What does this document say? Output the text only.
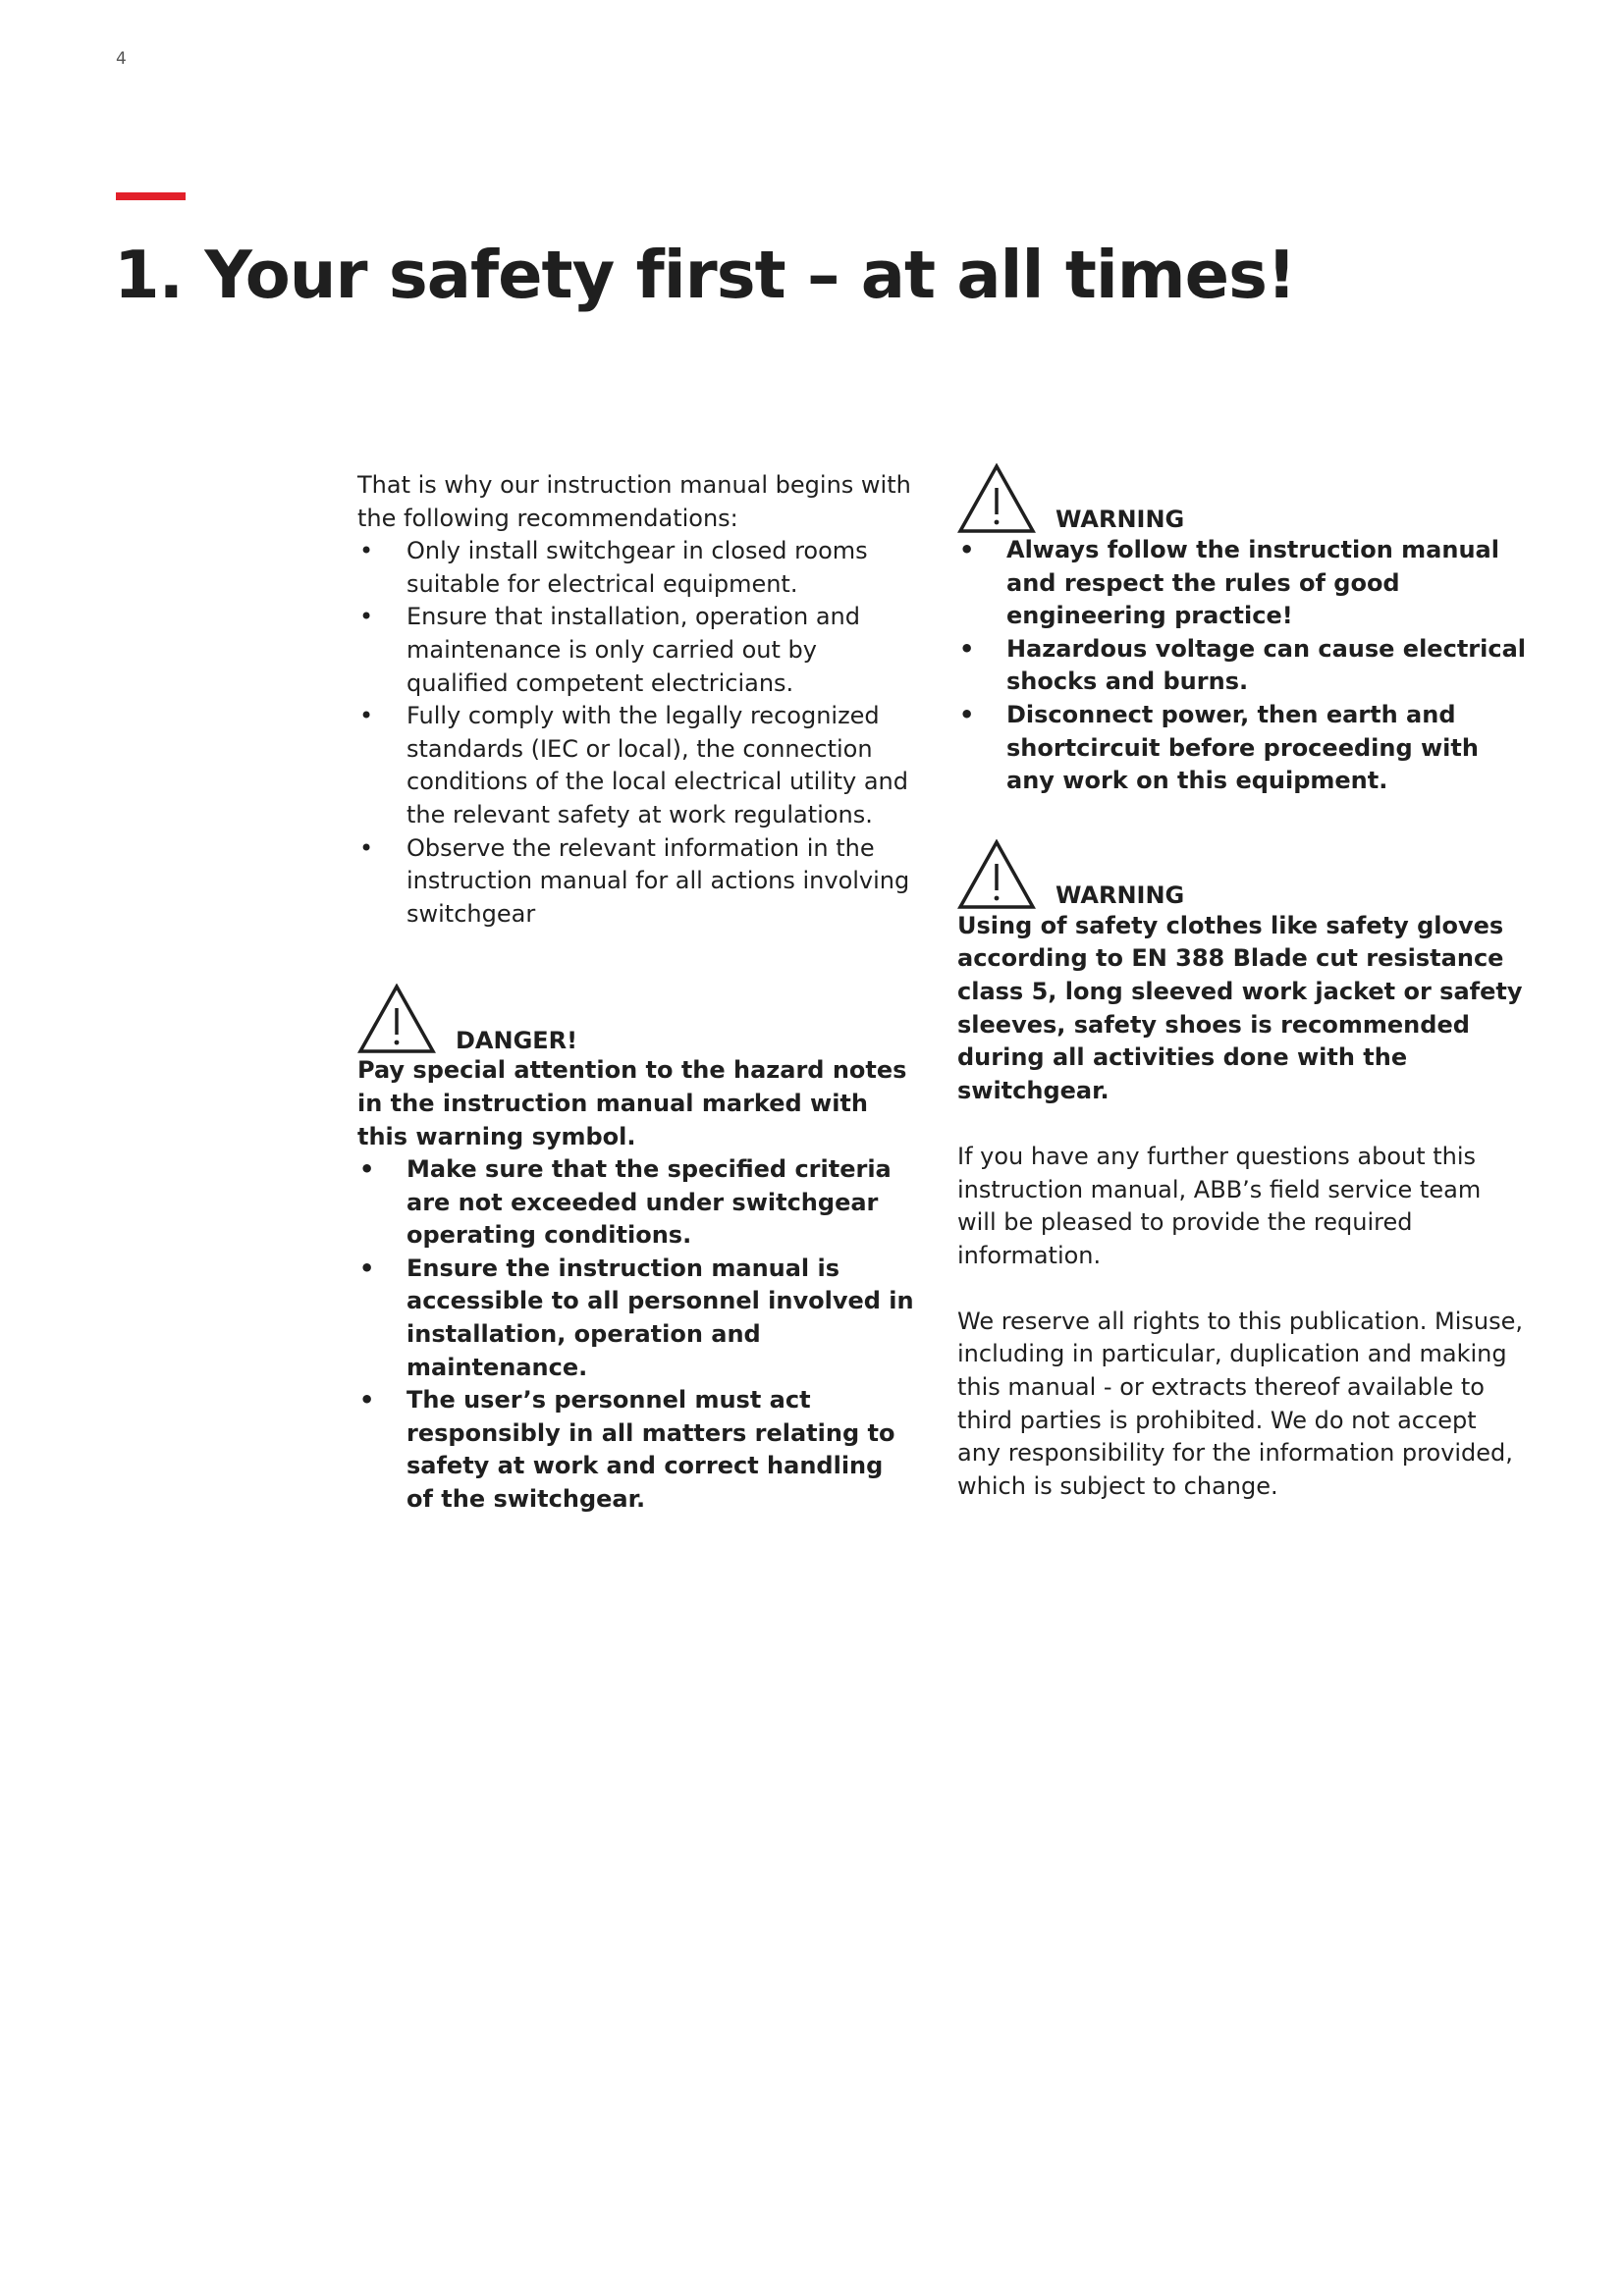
4
1. Your safety first – at all times!

That is why our instruction manual begins with the following recommendations:

• Only install switchgear in closed rooms suitable for electrical equipment.
• Ensure that installation, operation and maintenance is only carried out by qualified competent electricians.
• Fully comply with the legally recognized standards (IEC or local), the connection conditions of the local electrical utility and the relevant safety at work regulations.
• Observe the relevant information in the instruction manual for all actions involving switchgear
DANGER!

Pay special attention to the hazard notes in the instruction manual marked with this warning symbol.

• Make sure that the specified criteria are not exceeded under switchgear operating conditions.
• Ensure the instruction manual is accessible to all personnel involved in installation, operation and maintenance.
• The user’s personnel must act responsibly in all matters relating to safety at work and correct handling of the switchgear.
WARNING
• Always follow the instruction manual and respect the rules of good engineering practice!
• Hazardous voltage can cause electrical shocks and burns.
• Disconnect power, then earth and shortcircuit before proceeding with any work on this equipment.
WARNING

Using of safety clothes like safety gloves according to EN 388 Blade cut resistance class 5, long sleeved work jacket or safety sleeves, safety shoes is recommended during all activities done with the switchgear.

If you have any further questions about this instruction manual, ABB’s field service team will be pleased to provide the required information.

We reserve all rights to this publication. Misuse, including in particular, duplication and making this manual - or extracts thereof available to third parties is prohibited. We do not accept any responsibility for the information provided, which is subject to change.
